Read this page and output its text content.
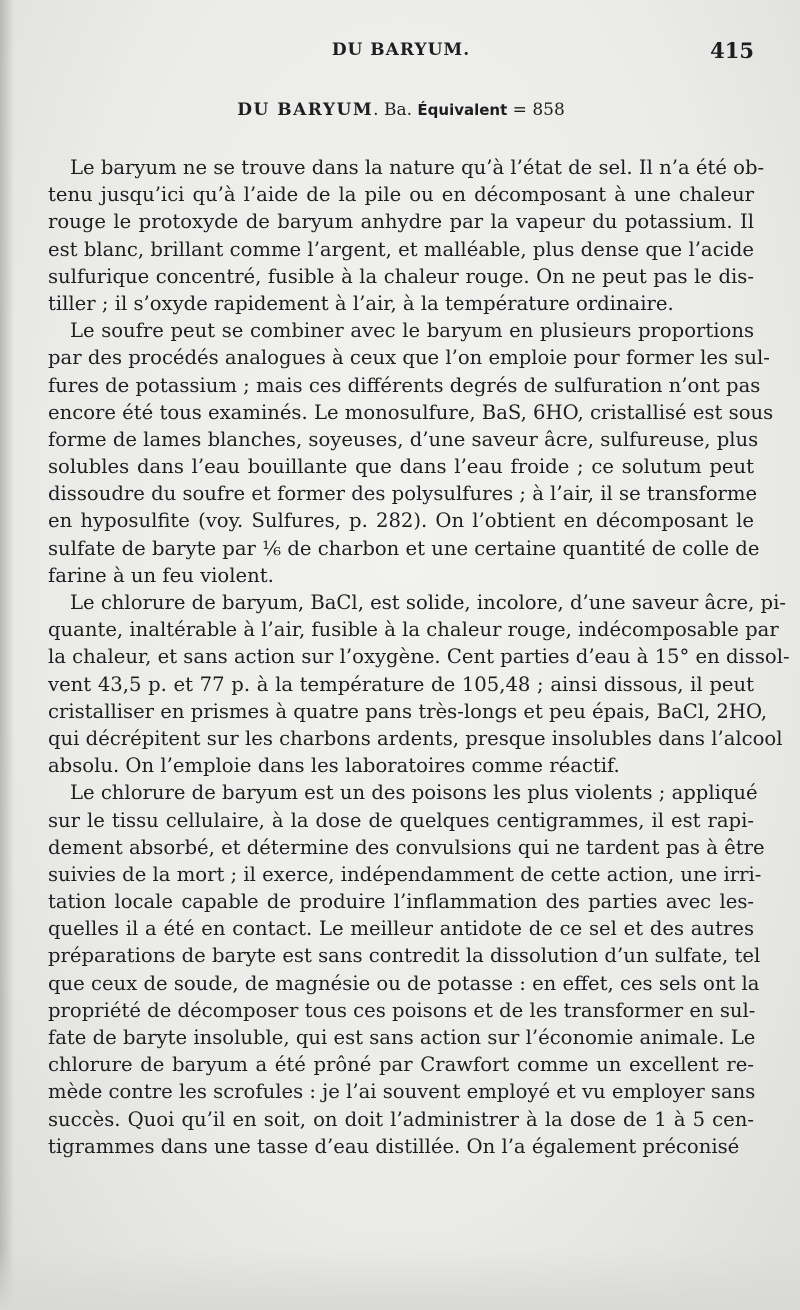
DU BARYUM.	415
DU BARYUM. Ba. Équivalent = 858
Le baryum ne se trouve dans la nature qu’à l’état de sel. Il n’a été ob-
tenu jusqu’ici qu’à l’aide de la pile ou en décomposant à une chaleur
rouge le protoxyde de baryum anhydre par la vapeur du potassium. Il
est blanc, brillant comme l’argent, et malléable, plus dense que l’acide
sulfurique concentré, fusible à la chaleur rouge. On ne peut pas le dis-
tiller ; il s’oxyde rapidement à l’air, à la température ordinaire.
Le soufre peut se combiner avec le baryum en plusieurs proportions
par des procédés analogues à ceux que l’on emploie pour former les sul-
fures de potassium ; mais ces différents degrés de sulfuration n’ont pas
encore été tous examinés. Le monosulfure, BaS, 6HO, cristallisé est sous
forme de lames blanches, soyeuses, d’une saveur âcre, sulfureuse, plus
solubles dans l’eau bouillante que dans l’eau froide ; ce solutum peut
dissoudre du soufre et former des polysulfures ; à l’air, il se transforme
en hyposulfite (voy. Sulfures, p. 282). On l’obtient en décomposant le
sulfate de baryte par ⅙ de charbon et une certaine quantité de colle de
farine à un feu violent.
Le chlorure de baryum, BaCl, est solide, incolore, d’une saveur âcre, pi-
quante, inaltérable à l’air, fusible à la chaleur rouge, indécomposable par
la chaleur, et sans action sur l’oxygène. Cent parties d’eau à 15° en dissol-
vent 43,5 p. et 77 p. à la température de 105,48 ; ainsi dissous, il peut
cristalliser en prismes à quatre pans très-longs et peu épais, BaCl, 2HO,
qui décrépitent sur les charbons ardents, presque insolubles dans l’alcool
absolu. On l’emploie dans les laboratoires comme réactif.
Le chlorure de baryum est un des poisons les plus violents ; appliqué
sur le tissu cellulaire, à la dose de quelques centigrammes, il est rapi-
dement absorbé, et détermine des convulsions qui ne tardent pas à être
suivies de la mort ; il exerce, indépendamment de cette action, une irri-
tation locale capable de produire l’inflammation des parties avec les-
quelles il a été en contact. Le meilleur antidote de ce sel et des autres
préparations de baryte est sans contredit la dissolution d’un sulfate, tel
que ceux de soude, de magnésie ou de potasse : en effet, ces sels ont la
propriété de décomposer tous ces poisons et de les transformer en sul-
fate de baryte insoluble, qui est sans action sur l’économie animale. Le
chlorure de baryum a été prôné par Crawfort comme un excellent re-
mède contre les scrofules : je l’ai souvent employé et vu employer sans
succès. Quoi qu’il en soit, on doit l’administrer à la dose de 1 à 5 cen-
tigrammes dans une tasse d’eau distillée. On l’a également préconisé
